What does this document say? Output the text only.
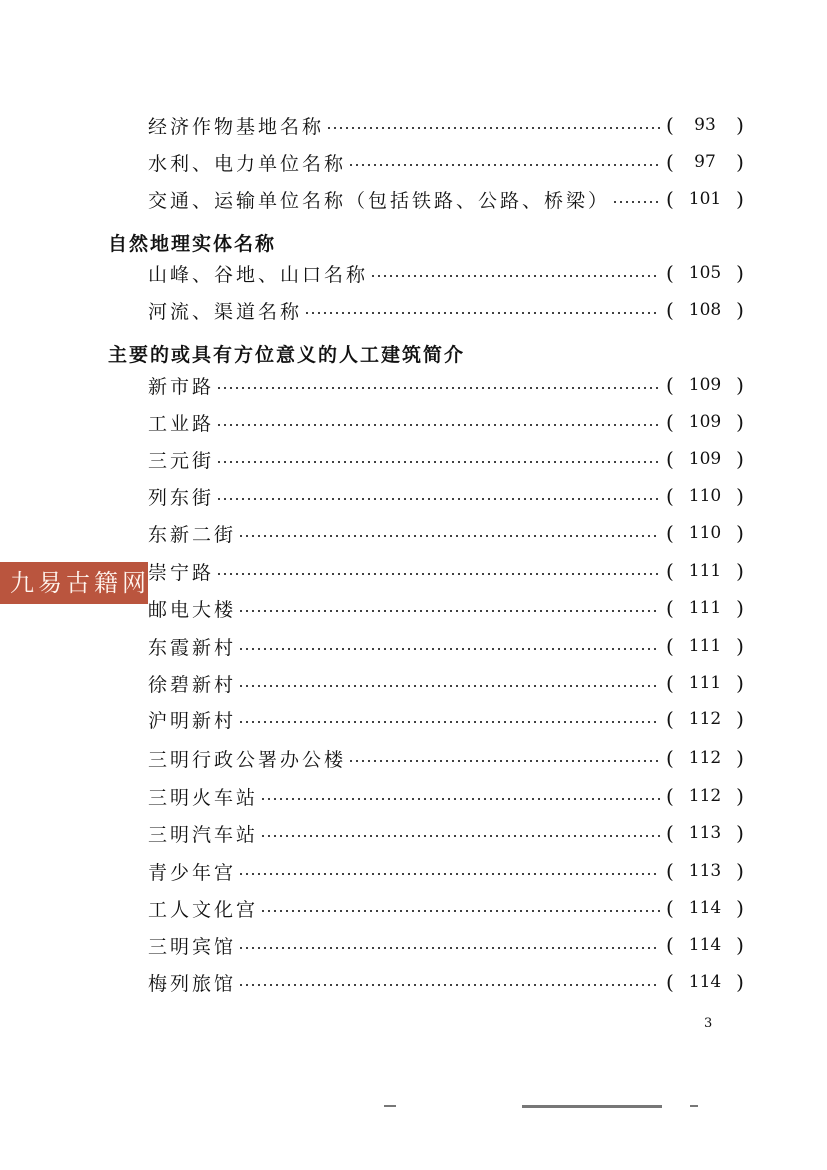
经济作物基地名称	( 93 )
水利、电力单位名称	( 97 )
交通、运输单位名称（包括铁路、公路、桥梁）	( 101 )
自然地理实体名称
山峰、谷地、山口名称	( 105 )
河流、渠道名称	( 108 )
主要的或具有方位意义的人工建筑简介
新市路	( 109 )
工业路	( 109 )
三元街	( 109 )
列东街	( 110 )
东新二街	( 110 )
崇宁路	( 111 )
邮电大楼	( 111 )
东霞新村	( 111 )
徐碧新村	( 111 )
沪明新村	( 112 )
三明行政公署办公楼	( 112 )
三明火车站	( 112 )
三明汽车站	( 113 )
青少年宫	( 113 )
工人文化宫	( 114 )
三明宾馆	( 114 )
梅列旅馆	( 114 )
3
九易古籍网
